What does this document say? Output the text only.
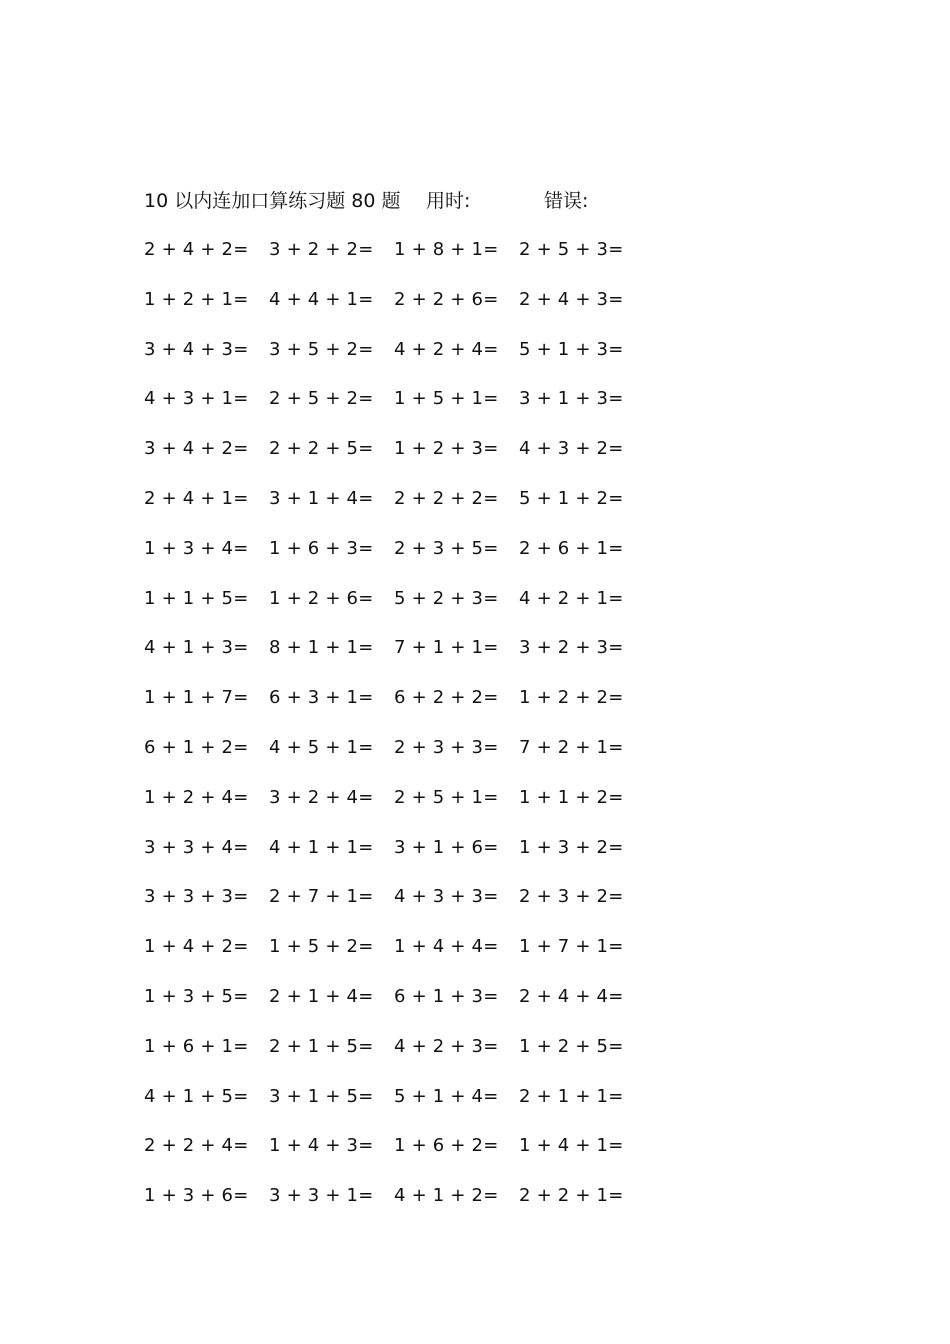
10 以内连加口算练习题 80 题 用时:	错误:
2 + 4 + 2=	3 + 2 + 2=	1 + 8 + 1=	2 + 5 + 3=
1 + 2 + 1=	4 + 4 + 1=	2 + 2 + 6=	2 + 4 + 3=
3 + 4 + 3=	3 + 5 + 2=	4 + 2 + 4=	5 + 1 + 3=
4 + 3 + 1=	2 + 5 + 2=	1 + 5 + 1=	3 + 1 + 3=
3 + 4 + 2=	2 + 2 + 5=	1 + 2 + 3=	4 + 3 + 2=
2 + 4 + 1=	3 + 1 + 4=	2 + 2 + 2=	5 + 1 + 2=
1 + 3 + 4=	1 + 6 + 3=	2 + 3 + 5=	2 + 6 + 1=
1 + 1 + 5=	1 + 2 + 6=	5 + 2 + 3=	4 + 2 + 1=
4 + 1 + 3=	8 + 1 + 1=	7 + 1 + 1=	3 + 2 + 3=
1 + 1 + 7=	6 + 3 + 1=	6 + 2 + 2=	1 + 2 + 2=
6 + 1 + 2=	4 + 5 + 1=	2 + 3 + 3=	7 + 2 + 1=
1 + 2 + 4=	3 + 2 + 4=	2 + 5 + 1=	1 + 1 + 2=
3 + 3 + 4=	4 + 1 + 1=	3 + 1 + 6=	1 + 3 + 2=
3 + 3 + 3=	2 + 7 + 1=	4 + 3 + 3=	2 + 3 + 2=
1 + 4 + 2=	1 + 5 + 2=	1 + 4 + 4=	1 + 7 + 1=
1 + 3 + 5=	2 + 1 + 4=	6 + 1 + 3=	2 + 4 + 4=
1 + 6 + 1=	2 + 1 + 5=	4 + 2 + 3=	1 + 2 + 5=
4 + 1 + 5=	3 + 1 + 5=	5 + 1 + 4=	2 + 1 + 1=
2 + 2 + 4=	1 + 4 + 3=	1 + 6 + 2=	1 + 4 + 1=
1 + 3 + 6=	3 + 3 + 1=	4 + 1 + 2=	2 + 2 + 1=
